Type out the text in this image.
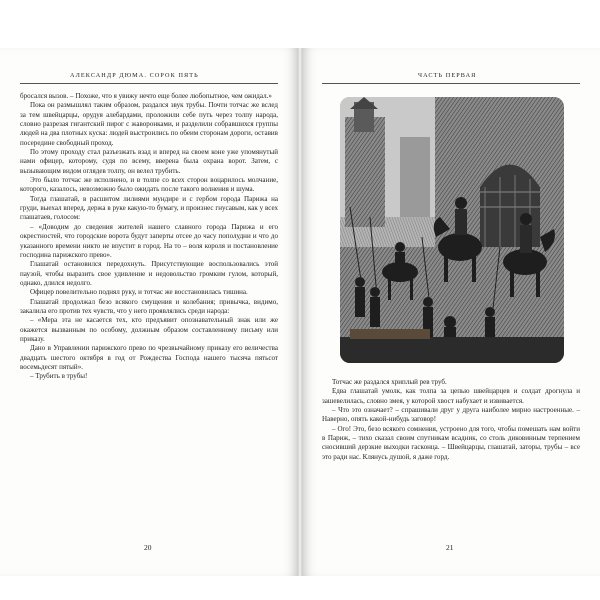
АЛЕКСАНДР ДЮМА. СОРОК ПЯТЬ	ЧАСТЬ ПЕРВАЯ

бросался вызов. – Похоже, что я увижу нечто еще более любопытное, чем ожидал.»

Пока он размышлял таким образом, раздался звук трубы. Почти тотчас же вслед за тем швейцарцы, орудуя алебардами, проложили себе путь через толпу народа, словно разрезая гигантский пирог с жаворонками, и разделили собравшихся группы людей на два плотных куска: людей выстроились по обеим сторонам дороги, оставив посередине свободный проход.

По этому проходу стал разъезжать взад и вперед на своем коне уже упомянутый нами офицер, которому, судя по всему, вверена была охрана ворот. Затем, с вызывающим видом оглядев толпу, он велел трубить.

Это было тотчас же исполнено, и в толпе со всех сторон воцарилось молчание, которого, казалось, невозможно было ожидать после такого волнения и шума.

Тогда глашатай, в расшитом лилиями мундире и с гербом города Парижа на груди, выехал вперед, держа в руке какую-то бумагу, и произнес гнусавым, как у всех глашатаев, голосом:

– «Доводим до сведения жителей нашего славного города Парижа и его окрестностей, что городские ворота будут заперты отсеe до часу пополудни и что до указанного времени никто не впустит в город. На то – воля короля и постановление господина парижского прево».

Глашатай остановился передохнуть. Присутствующие воспользовались этой паузой, чтобы выразить свое удивление и недовольство громким гулом, который, однако, длился недолго.

Офицер повелительно поднял руку, и тотчас же восстановилась тишина.

Глашатай продолжал безо всякого смущения и колебания; привычка, видимо, закалила его против тех чувств, что у него проявлялись среди народа:

– «Мера эта не касается тех, кто предъявит опознавательный знак или же окажется вызванным по особому, должным образом составленному письму или приказу.

Дано в Управлении парижского прево по чрезвычайному приказу его величества двадцать шестого октября в год от Рождества Господа нашего тысяча пятьсот восемьдесят пятый».

– Трубить в трубы!

20

Тотчас же раздался хриплый рев труб.

Едва глашатай умолк, как толпа за цепью швейцарцев и солдат дрогнула и зашевелилась, словно змея, у которой хвост набухает и извивается.

– Что это означает? – спрашивали друг у друга наиболее мирно настроенные. – Наверно, опять какой-нибудь заговор!

– Ого! Это, безо всякого сомнения, устроено для того, чтобы помешать нам войти в Париж, – тихо сказал своим спутникам всадник, со столь диковинным терпением сносивший дерзкие выходки гасконца. – Швейцарцы, глашатай, заторы, трубы – все это ради нас. Клянусь душой, я даже горд.

21
